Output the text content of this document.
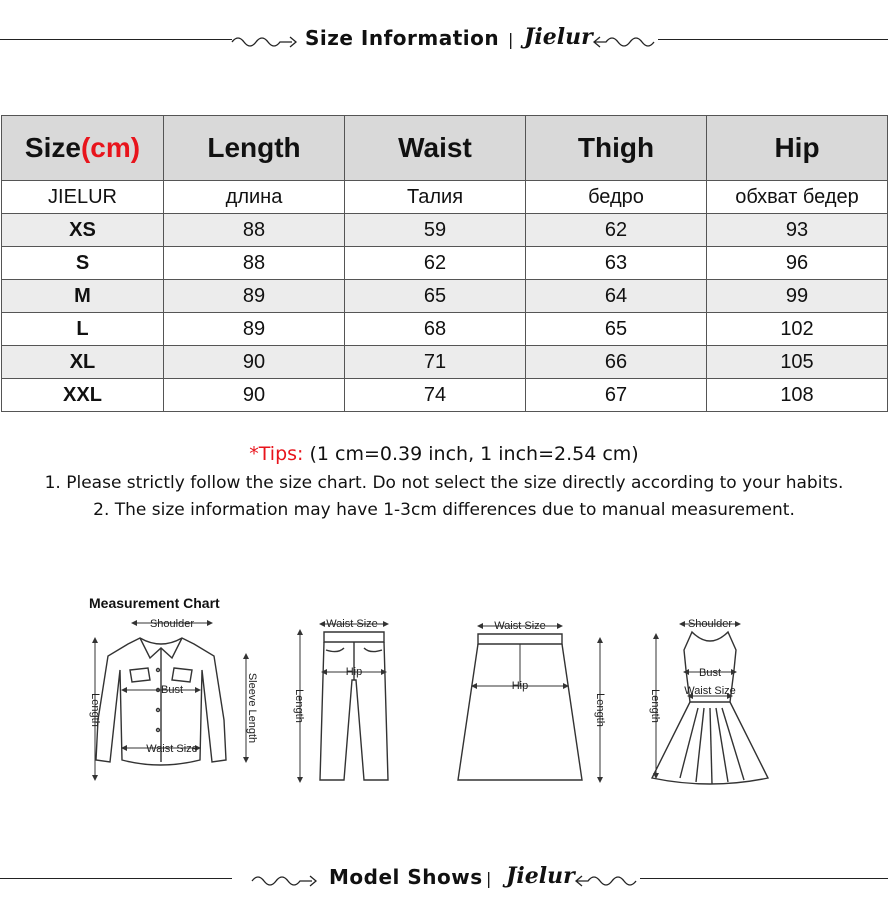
Size Information | Jielur
Size(cm)	Length	Waist	Thigh	Hip
JIELUR	длина	Талия	бедро	обхват бедер
XS	88	59	62	93
S	88	62	63	96
M	89	65	64	99
L	89	68	65	102
XL	90	71	66	105
XXL	90	74	67	108
*Tips: (1 cm=0.39 inch, 1 inch=2.54 cm)
1. Please strictly follow the size chart. Do not select the size directly according to your habits.
2. The size information may have 1-3cm differences due to manual measurement.
Measurement Chart
Shoulder
Bust
Waist Size
Length	Sleeve Length
Waist Size
Hip
Length
Waist Size
Hip
Length
Shoulder
Bust
Waist Size
Length
Model Shows | Jielur
